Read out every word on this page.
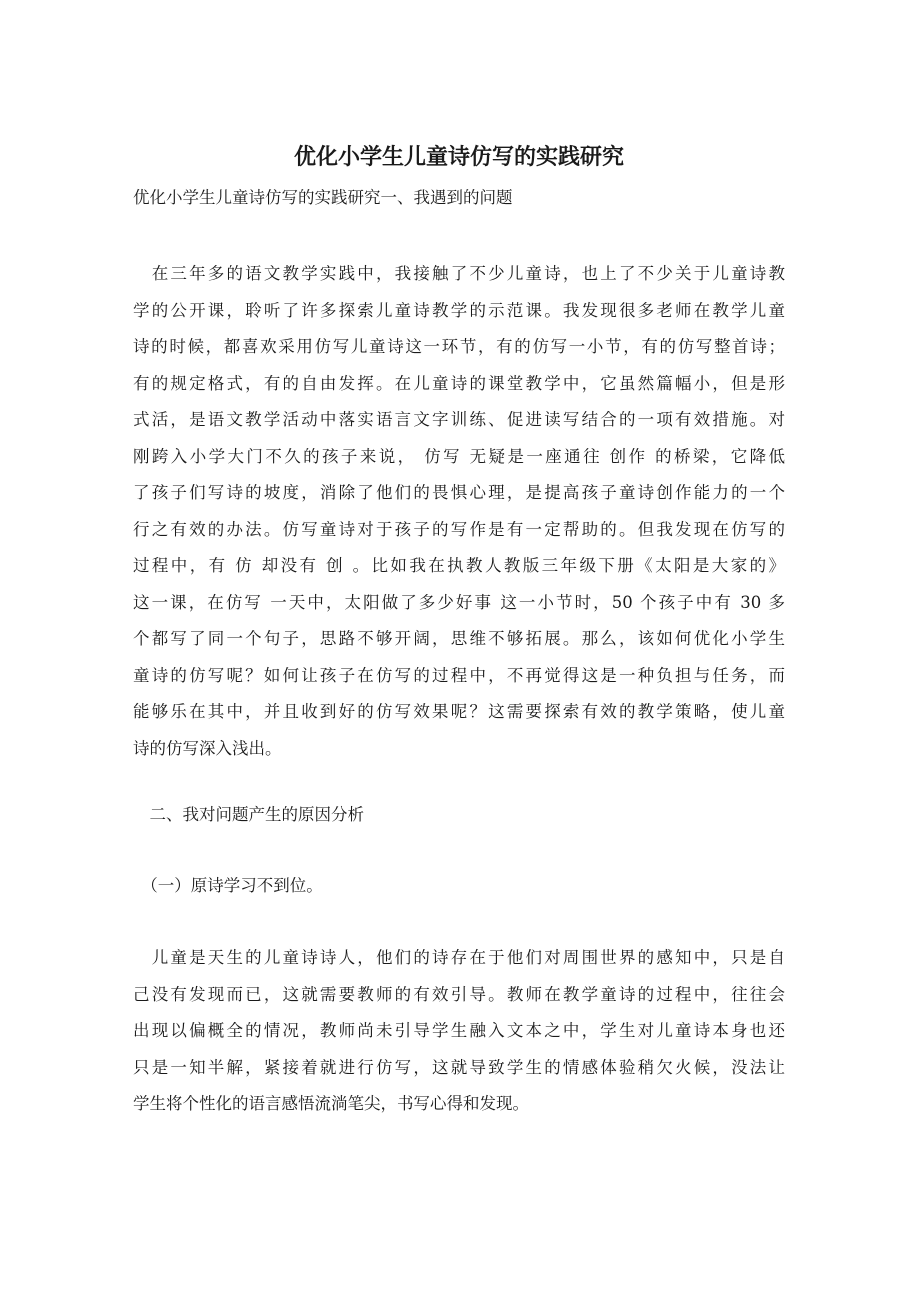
优化小学生儿童诗仿写的实践研究

优化小学生儿童诗仿写的实践研究一、我遇到的问题

　在三年多的语文教学实践中，我接触了不少儿童诗，也上了不少关于儿童诗教
学的公开课，聆听了许多探索儿童诗教学的示范课。我发现很多老师在教学儿童
诗的时候，都喜欢采用仿写儿童诗这一环节，有的仿写一小节，有的仿写整首诗；
有的规定格式，有的自由发挥。在儿童诗的课堂教学中，它虽然篇幅小，但是形
式活，是语文教学活动中落实语言文字训练、促进读写结合的一项有效措施。对
刚跨入小学大门不久的孩子来说， 仿写 无疑是一座通往 创作 的桥梁，它降低
了孩子们写诗的坡度，消除了他们的畏惧心理，是提高孩子童诗创作能力的一个
行之有效的办法。仿写童诗对于孩子的写作是有一定帮助的。但我发现在仿写的
过程中，有 仿 却没有 创 。比如我在执教人教版三年级下册《太阳是大家的》
这一课，在仿写 一天中，太阳做了多少好事 这一小节时，50 个孩子中有 30 多
个都写了同一个句子，思路不够开阔，思维不够拓展。那么，该如何优化小学生
童诗的仿写呢？如何让孩子在仿写的过程中，不再觉得这是一种负担与任务，而
能够乐在其中，并且收到好的仿写效果呢？这需要探索有效的教学策略，使儿童
诗的仿写深入浅出。

　二、我对问题产生的原因分析

　（一）原诗学习不到位。

　儿童是天生的儿童诗诗人，他们的诗存在于他们对周围世界的感知中，只是自
己没有发现而已，这就需要教师的有效引导。教师在教学童诗的过程中，往往会
出现以偏概全的情况，教师尚未引导学生融入文本之中，学生对儿童诗本身也还
只是一知半解，紧接着就进行仿写，这就导致学生的情感体验稍欠火候，没法让
学生将个性化的语言感悟流淌笔尖，书写心得和发现。
